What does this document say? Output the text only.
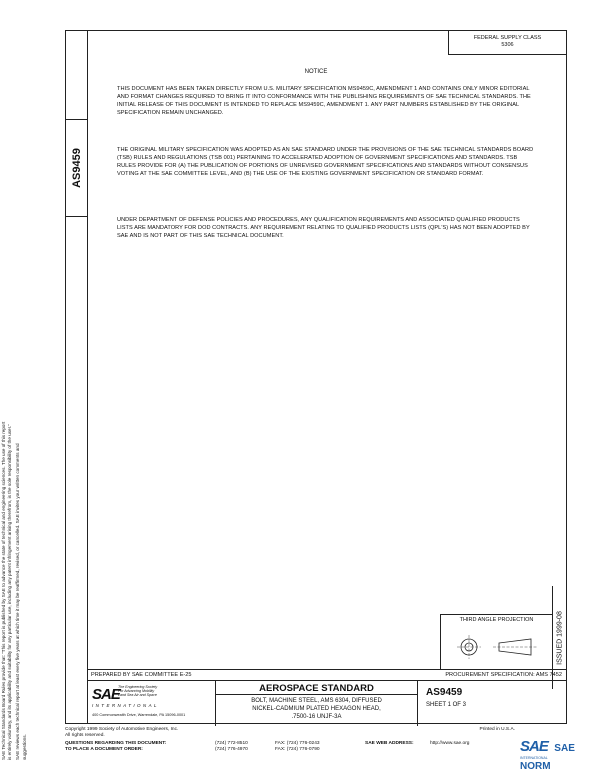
AS9459
FEDERAL SUPPLY CLASS
5306
NOTICE
THIS DOCUMENT HAS BEEN TAKEN DIRECTLY FROM U.S. MILITARY SPECIFICATION MS9459C, AMENDMENT 1 AND CONTAINS ONLY MINOR EDITORIAL AND FORMAT CHANGES REQUIRED TO BRING IT INTO CONFORMANCE WITH THE PUBLISHING REQUIREMENTS OF SAE TECHNICAL STANDARDS. THE INITIAL RELEASE OF THIS DOCUMENT IS INTENDED TO REPLACE MS9459C, AMENDMENT 1. ANY PART NUMBERS ESTABLISHED BY THE ORIGINAL SPECIFICATION REMAIN UNCHANGED.
THE ORIGINAL MILITARY SPECIFICATION WAS ADOPTED AS AN SAE STANDARD UNDER THE PROVISIONS OF THE SAE TECHNICAL STANDARDS BOARD (TSB) RULES AND REGULATIONS (TSB 001) PERTAINING TO ACCELERATED ADOPTION OF GOVERNMENT SPECIFICATIONS AND STANDARDS. TSB RULES PROVIDE FOR (A) THE PUBLICATION OF PORTIONS OF UNREVISED GOVERNMENT SPECIFICATIONS AND STANDARDS WITHOUT CONSENSUS VOTING AT THE SAE COMMITTEE LEVEL, AND (B) THE USE OF THE EXISTING GOVERNMENT SPECIFICATION OR STANDARD FORMAT.
UNDER DEPARTMENT OF DEFENSE POLICIES AND PROCEDURES, ANY QUALIFICATION REQUIREMENTS AND ASSOCIATED QUALIFIED PRODUCTS LISTS ARE MANDATORY FOR DOD CONTRACTS. ANY REQUIREMENT RELATING TO QUALIFIED PRODUCTS LISTS (QPL'S) HAS NOT BEEN ADOPTED BY SAE AND IS NOT PART OF THIS SAE TECHNICAL DOCUMENT.
THIRD ANGLE PROJECTION	ISSUED 1999-08
PREPARED BY SAE COMMITTEE E-25	PROCUREMENT SPECIFICATION: AMS 7452
SAE
The Engineering Society
For Advancing Mobility
Land Sea Air and Space
INTERNATIONAL
400 Commonwealth Drive, Warrendale, PA 15096-0001
AEROSPACE STANDARD
BOLT, MACHINE STEEL, AMS 6304, DIFFUSED
NICKEL-CADMIUM PLATED HEXAGON HEAD,
.7500-16 UNJF-3A
AS9459
SHEET 1 OF 3
SAE Technical Standards Board Rules provide that: "This report is published by SAE to advance the state of technical and engineering sciences. The use of this report is entirely voluntary, and its applicability and suitability for any particular use, including any patent infringement arising therefrom, is the sole responsibility of the user." SAE reviews each technical report at least every five years at which time it may be reaffirmed, revised, or cancelled. SAE invites your written comments and suggestions.
Copyright 1999 Society of Automotive Engineers, Inc.
All rights reserved.
Printed in U.S.A.
QUESTIONS REGARDING THIS DOCUMENT:	(724) 772-8510	FAX: (724) 776-0243
TO PLACE A DOCUMENT ORDER:	(724) 776-4970	FAX: (724) 776-0790
SAE WEB ADDRESS:	http://www.sae.org	SAE SAE NORM
INTERNATIONAL
